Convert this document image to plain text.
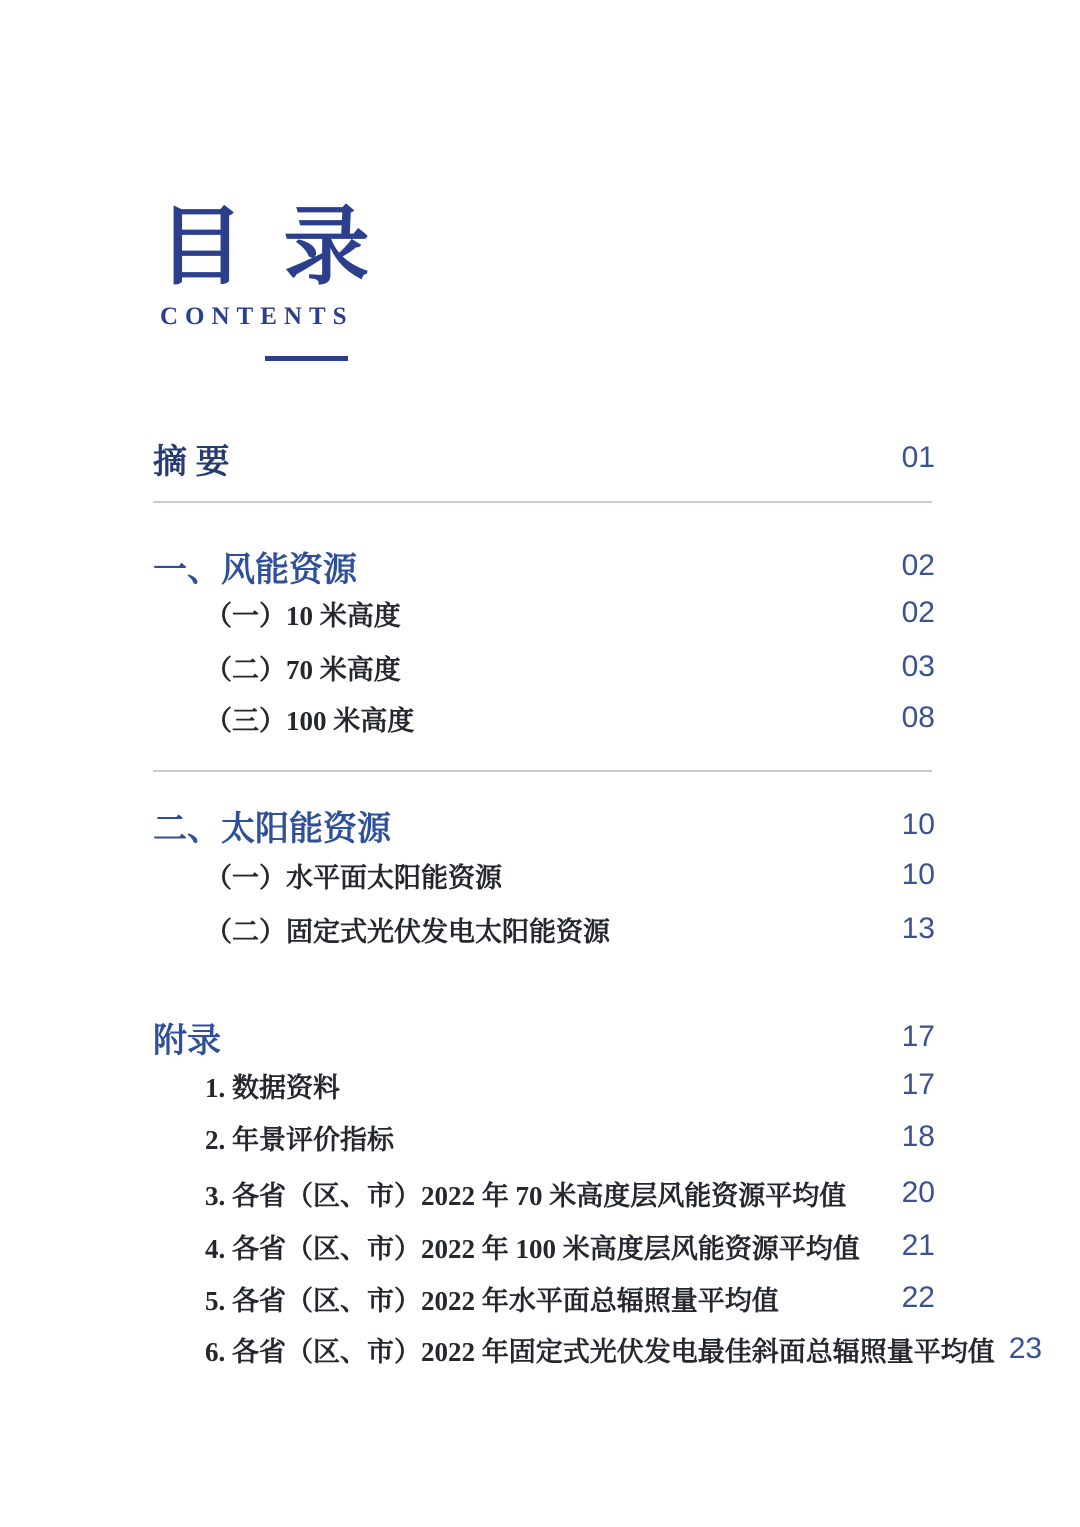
目 录
CONTENTS
摘 要	01
一、风能资源	02
（一）10 米高度	02
（二）70 米高度	03
（三）100 米高度	08
二、太阳能资源	10
（一）水平面太阳能资源	10
（二）固定式光伏发电太阳能资源	13
附录	17
1. 数据资料	17
2. 年景评价指标	18
3. 各省（区、市）2022 年 70 米高度层风能资源平均值 20
4. 各省（区、市）2022 年 100 米高度层风能资源平均值 21
5. 各省（区、市）2022 年水平面总辐照量平均值	22
6. 各省（区、市）2022 年固定式光伏发电最佳斜面总辐照量平均值 23
